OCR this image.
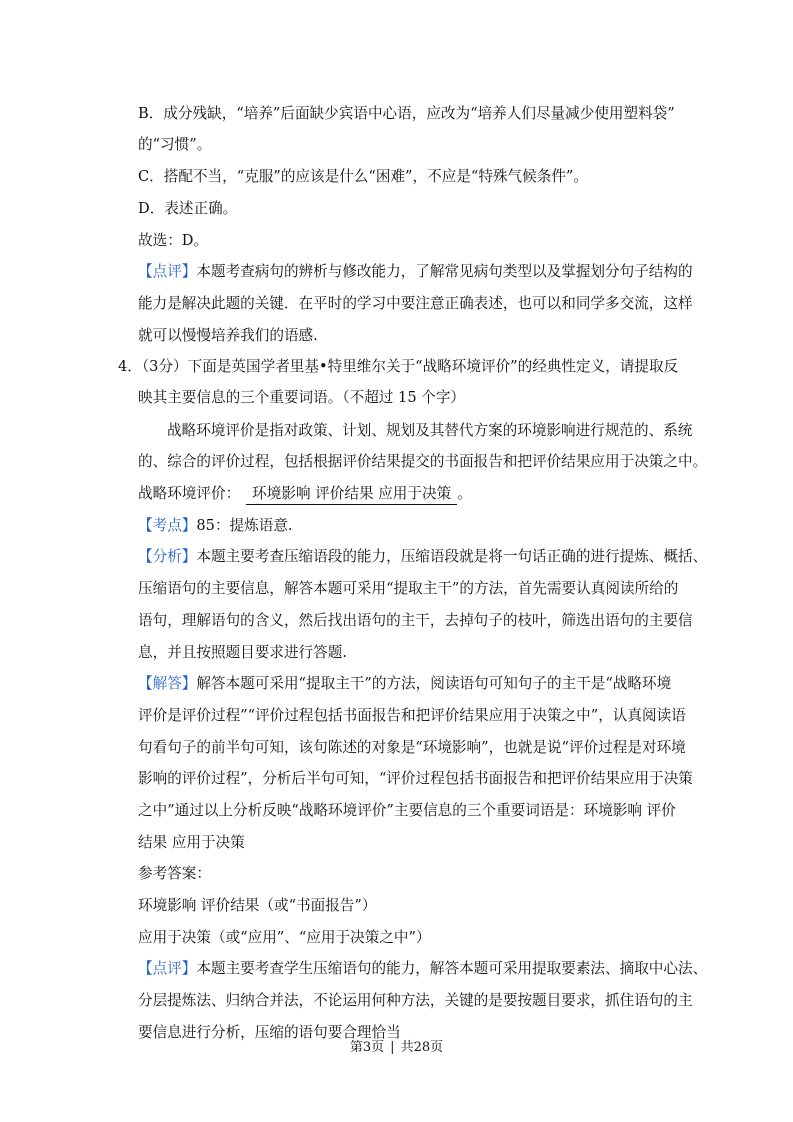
B．成分残缺，“培养”后面缺少宾语中心语，应改为“培养人们尽量减少使用塑料袋”
的“习惯”。
C．搭配不当，“克服”的应该是什么“困难”，不应是“特殊气候条件”。
D．表述正确。
故选：D。
【点评】本题考查病句的辨析与修改能力，了解常见病句类型以及掌握划分句子结构的
能力是解决此题的关键．在平时的学习中要注意正确表述，也可以和同学多交流，这样
就可以慢慢培养我们的语感.
4．（3分）下面是英国学者里基•特里维尔关于“战略环境评价”的经典性定义，请提取反
映其主要信息的三个重要词语。（不超过 15 个字）
战略环境评价是指对政策、计划、规划及其替代方案的环境影响进行规范的、系统
的、综合的评价过程，包括根据评价结果提交的书面报告和把评价结果应用于决策之中。
战略环境评价： 环境影响 评价结果 应用于决策 。
【考点】85：提炼语意.
【分析】本题主要考查压缩语段的能力，压缩语段就是将一句话正确的进行提炼、概括、
压缩语句的主要信息，解答本题可采用“提取主干”的方法，首先需要认真阅读所给的
语句，理解语句的含义，然后找出语句的主干，去掉句子的枝叶，筛选出语句的主要信
息，并且按照题目要求进行答题.
【解答】解答本题可采用“提取主干”的方法，阅读语句可知句子的主干是“战略环境
评价是评价过程”“评价过程包括书面报告和把评价结果应用于决策之中”，认真阅读语
句看句子的前半句可知，该句陈述的对象是“环境影响”，也就是说“评价过程是对环境
影响的评价过程”，分析后半句可知，“评价过程包括书面报告和把评价结果应用于决策
之中”通过以上分析反映“战略环境评价”主要信息的三个重要词语是：环境影响 评价
结果 应用于决策
参考答案：
环境影响 评价结果（或“书面报告”）
应用于决策（或“应用”、“应用于决策之中”）
【点评】本题主要考查学生压缩语句的能力，解答本题可采用提取要素法、摘取中心法、
分层提炼法、归纳合并法，不论运用何种方法，关键的是要按题目要求，抓住语句的主
要信息进行分析，压缩的语句要合理恰当
第3页 | 共28页
